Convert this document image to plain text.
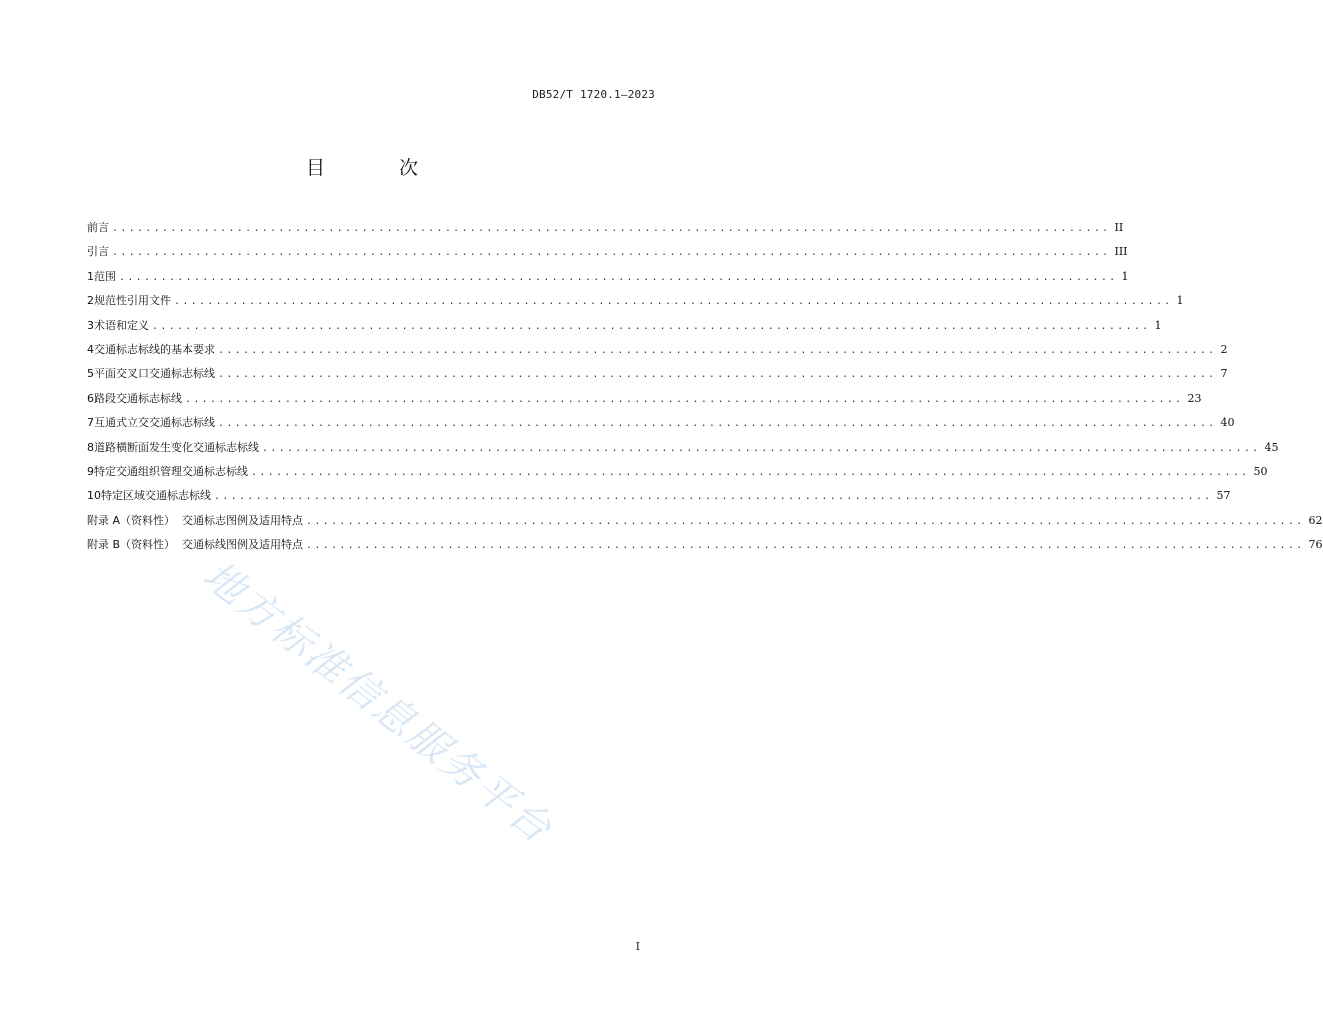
DB52/T 1720.1—2023
目 次
前言 ........................................................................................................................ II
引言 ........................................................................................................................ III
1 范围 ........................................................................................................................ 1
2 规范性引用文件 ........................................................................................................................ 1
3 术语和定义 ........................................................................................................................ 1
4 交通标志标线的基本要求 ........................................................................................................................ 2
5 平面交叉口交通标志标线 ........................................................................................................................ 7
6 路段交通标志标线 ........................................................................................................................ 23
7 互通式立交交通标志标线 ........................................................................................................................ 40
8 道路横断面发生变化交通标志标线 ........................................................................................................................ 45
9 特定交通组织管理交通标志标线 ........................................................................................................................ 50
10 特定区域交通标志标线 ........................................................................................................................ 57
附录 A（资料性）  交通标志图例及适用特点 ........................................................................................................................ 62
附录 B（资料性）  交通标线图例及适用特点 ........................................................................................................................ 76
地方标准信息服务平台
I
